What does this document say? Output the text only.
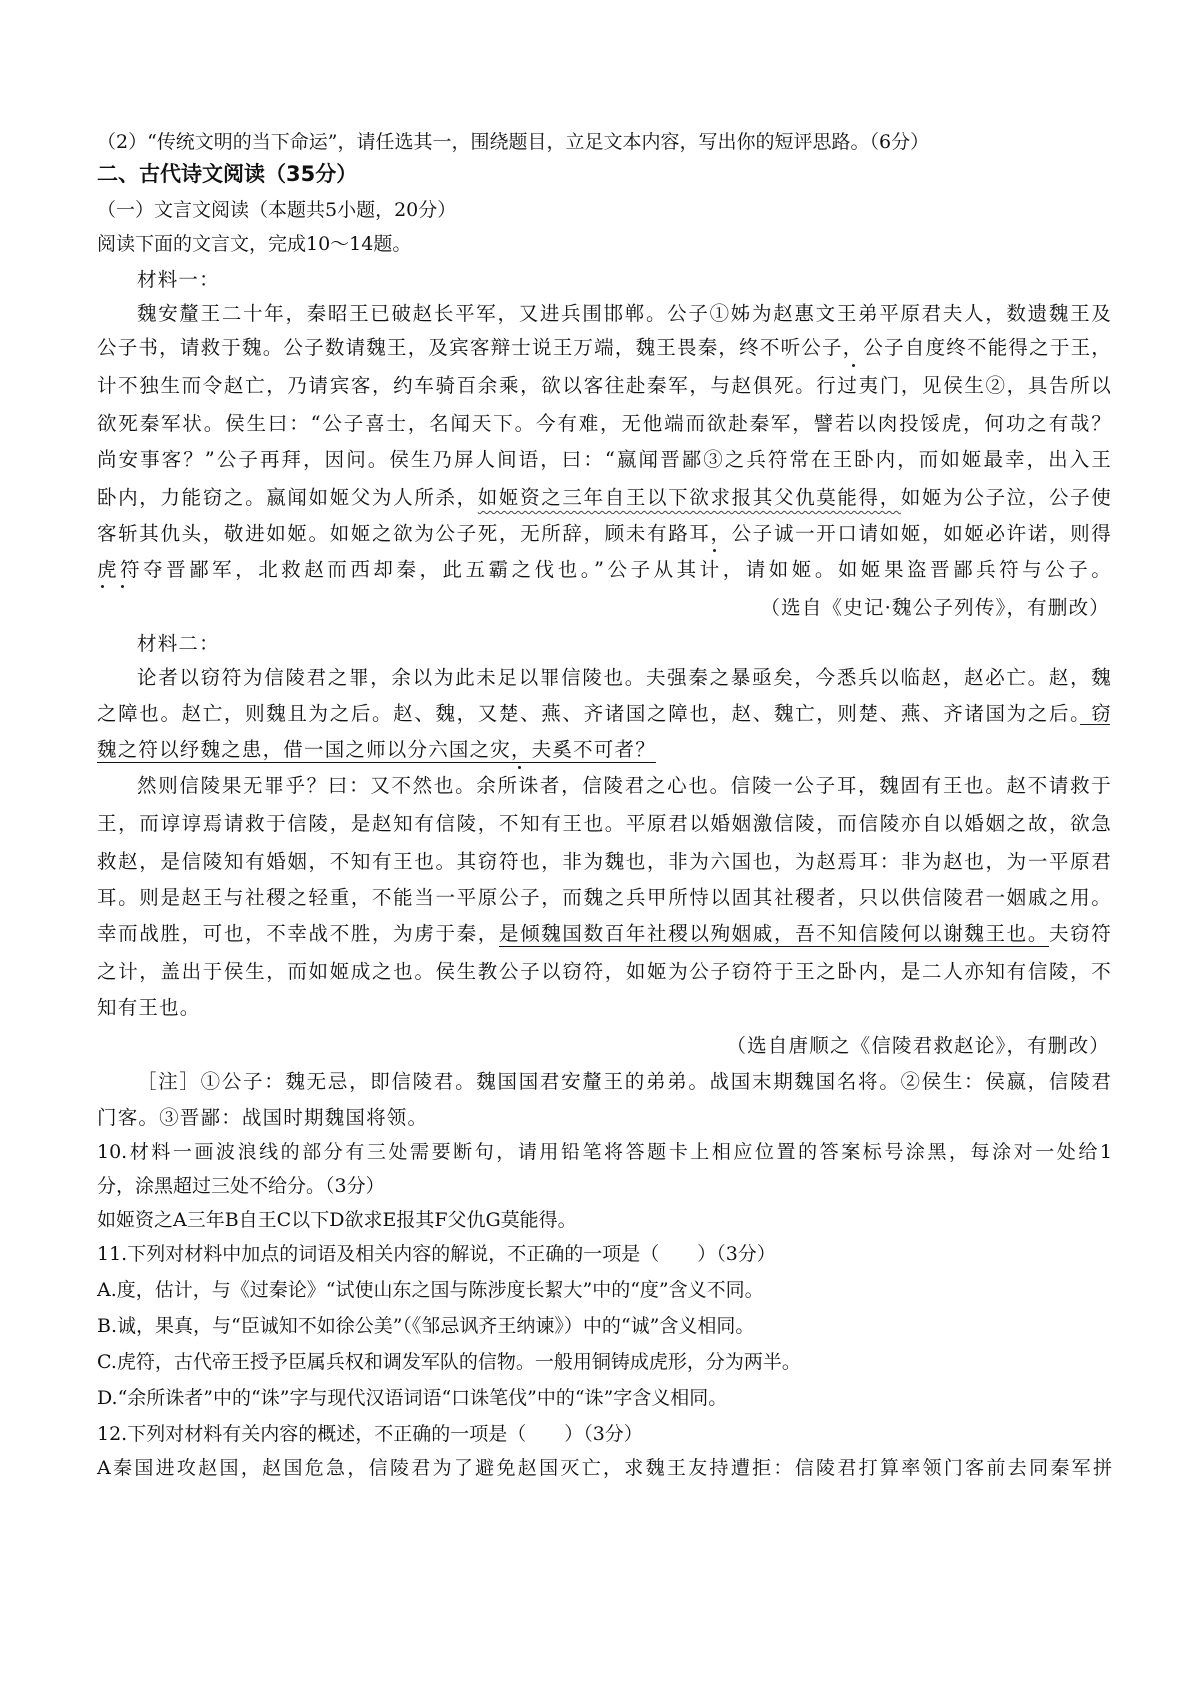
（2）“传统文明的当下命运”，请任选其一，围绕题目，立足文本内容，写出你的短评思路。（6分）
二、古代诗文阅读（35分）
（一）文言文阅读（本题共5小题，20分）
阅读下面的文言文，完成10～14题。
材料一：
魏安釐王二十年，秦昭王已破赵长平军，又进兵围邯郸。公子①姊为赵惠文王弟平原君夫人，数遗魏王及
公子书，请救于魏。公子数请魏王，及宾客辩士说王万端，魏王畏秦，终不听公子，公子自度终不能得之于王，
计不独生而令赵亡，乃请宾客，约车骑百余乘，欲以客往赴秦军，与赵俱死。行过夷门，见侯生②，具告所以
欲死秦军状。侯生曰：“公子喜士，名闻天下。今有难，无他端而欲赴秦军，譬若以肉投馁虎，何功之有哉？
尚安事客？”公子再拜，因问。侯生乃屏人间语，曰：“嬴闻晋鄙③之兵符常在王卧内，而如姬最幸，出入王
卧内，力能窃之。嬴闻如姬父为人所杀，如姬资之三年自王以下欲求报其父仇莫能得，如姬为公子泣，公子使
客斩其仇头，敬进如姬。如姬之欲为公子死，无所辞，顾未有路耳，公子诚一开口请如姬，如姬必许诺，则得
虎符夺晋鄙军，北救赵而西却秦，此五霸之伐也。”公子从其计，请如姬。如姬果盗晋鄙兵符与公子。
（选自《史记·魏公子列传》，有删改）
材料二：
论者以窃符为信陵君之罪，余以为此未足以罪信陵也。夫强秦之暴亟矣，今悉兵以临赵，赵必亡。赵，魏
之障也。赵亡，则魏且为之后。赵、魏，又楚、燕、齐诸国之障也，赵、魏亡，则楚、燕、齐诸国为之后。窃
魏之符以纾魏之患，借一国之师以分六国之灾，夫奚不可者？
然则信陵果无罪乎？曰：又不然也。余所诛者，信陵君之心也。信陵一公子耳，魏固有王也。赵不请救于
王，而谆谆焉请救于信陵，是赵知有信陵，不知有王也。平原君以婚姻激信陵，而信陵亦自以婚姻之故，欲急
救赵，是信陵知有婚姻，不知有王也。其窃符也，非为魏也，非为六国也，为赵焉耳：非为赵也，为一平原君
耳。则是赵王与社稷之轻重，不能当一平原公子，而魏之兵甲所恃以固其社稷者，只以供信陵君一姻戚之用。
幸而战胜，可也，不幸战不胜，为虏于秦，是倾魏国数百年社稷以殉姻戚，吾不知信陵何以谢魏王也。夫窃符
之计，盖出于侯生，而如姬成之也。侯生教公子以窃符，如姬为公子窃符于王之卧内，是二人亦知有信陵，不
知有王也。
（选自唐顺之《信陵君救赵论》，有删改）
［注］①公子：魏无忌，即信陵君。魏国国君安釐王的弟弟。战国末期魏国名将。②侯生：侯嬴，信陵君
门客。③晋鄙：战国时期魏国将领。
10.材料一画波浪线的部分有三处需要断句，请用铅笔将答题卡上相应位置的答案标号涂黑，每涂对一处给1
分，涂黑超过三处不给分。（3分）
如姬资之A三年B自王C以下D欲求E报其F父仇G莫能得。
11.下列对材料中加点的词语及相关内容的解说，不正确的一项是（　　）（3分）
A.度，估计，与《过秦论》“试使山东之国与陈涉度长絜大”中的“度”含义不同。
B.诚，果真，与“臣诚知不如徐公美”（《邹忌讽齐王纳谏》）中的“诚”含义相同。
C.虎符，古代帝王授予臣属兵权和调发军队的信物。一般用铜铸成虎形，分为两半。
D.“余所诛者”中的“诛”字与现代汉语词语“口诛笔伐”中的“诛”字含义相同。
12.下列对材料有关内容的概述，不正确的一项是（　　）（3分）
A秦国进攻赵国，赵国危急，信陵君为了避免赵国灭亡，求魏王友持遭拒：信陵君打算率领门客前去同秦军拼
